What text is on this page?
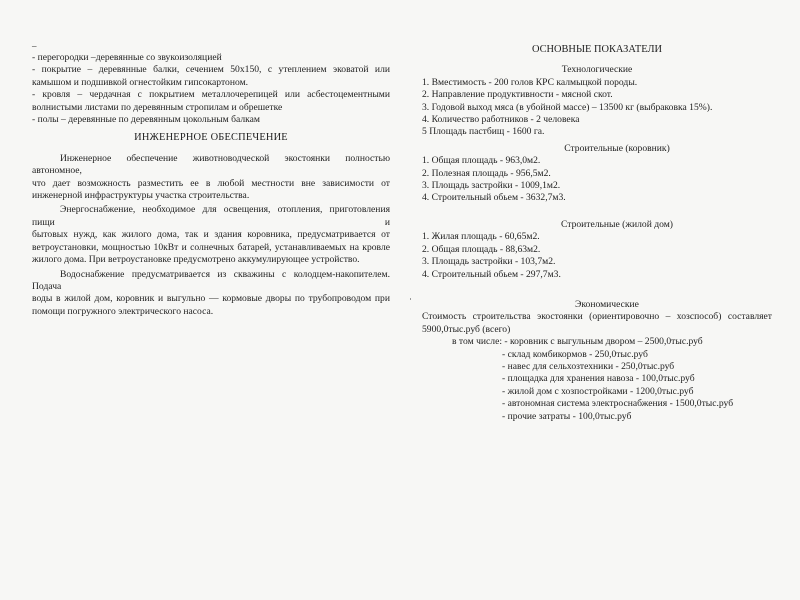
–
- перегородки –деревянные со звукоизоляцией
- покрытие – деревянные балки, сечением 50х150, с утеплением эковатой или
камышом и подшивкой огнестойким гипсокартоном.
- кровля – чердачная с покрытием металлочерепицей или асбестоцементными
волнистыми листами по деревянным стропилам и обрешетке
- полы – деревянные по деревянным цокольным балкам
ИНЖЕНЕРНОЕ ОБЕСПЕЧЕНИЕ
Инженерное обеспечение животноводческой экостоянки полностью автономное,
что дает возможность разместить ее в любой местности вне зависимости от
инженерной инфраструктуры участка строительства.
Энергоснабжение, необходимое для освещения, отопления, приготовления пищи и
бытовых нужд, как жилого дома, так и здания коровника, предусматривается от
ветроустановки, мощностью 10кВт и солнечных батарей, устанавливаемых на кровле
жилого дома. При ветроустановке предусмотрено аккумулирующее устройство.
Водоснабжение предусматривается из скважины с колодцем-накопителем. Подача
воды в жилой дом, коровник и выгульно — кормовые дворы по трубопроводом при
помощи погружного электрического насоса.
ОСНОВНЫЕ ПОКАЗАТЕЛИ
Технологические
1. Вместимость - 200 голов КРС калмыцкой породы.
2. Направление продуктивности - мясной скот.
3. Годовой выход мяса (в убойной массе) – 13500 кг (выбраковка 15%).
4. Количество работников - 2 человека
5 Площадь пастбищ - 1600 га.
Строительные (коровник)
1. Общая площадь - 963,0м2.
2. Полезная площадь - 956,5м2.
3. Площадь застройки - 1009,1м2.
4. Строительный обьем - 3632,7м3.
Строительные (жилой дом)
1. Жилая площадь - 60,65м2.
2. Общая площадь - 88,63м2.
3. Площадь застройки - 103,7м2.
4. Строительный обьем - 297,7м3.
Экономические
Стоимость строительства экостоянки (ориентировочно – хозспособ) составляет
5900,0тыс.руб (всего)
в том числе: - коровник с выгульным двором – 2500,0тыс.руб
- склад комбикормов - 250,0тыс.руб
- навес для сельхозтехники - 250,0тыс.руб
- площадка для хранения навоза - 100,0тыс.руб
- жилой дом с хозпостройками - 1200,0тыс.руб
- автономная система электроснабжения - 1500,0тыс.руб
- прочие затраты - 100,0тыс.руб
